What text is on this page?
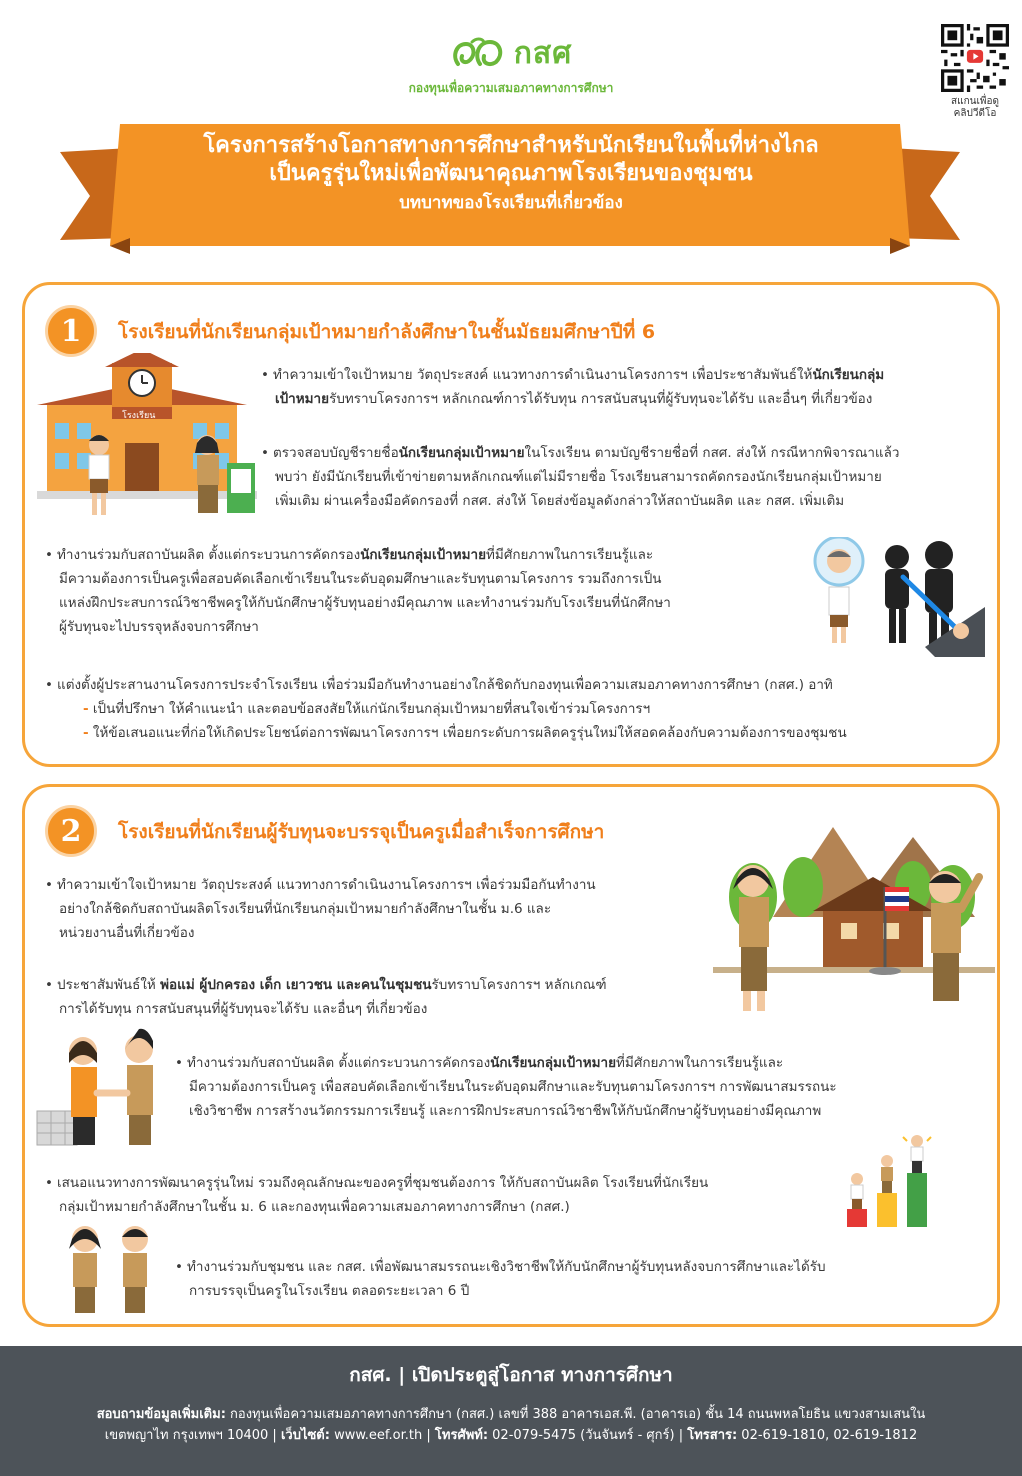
กสศ
กองทุนเพื่อความเสมอภาคทางการศึกษา
สแกนเพื่อดู
คลิปวีดีโอ
โครงการสร้างโอกาสทางการศึกษาสำหรับนักเรียนในพื้นที่ห่างไกล
เป็นครูรุ่นใหม่เพื่อพัฒนาคุณภาพโรงเรียนของชุมชน
บทบาทของโรงเรียนที่เกี่ยวข้อง
1	โรงเรียนที่นักเรียนกลุ่มเป้าหมายกำลังศึกษาในชั้นมัธยมศึกษาปีที่ 6
โรงเรียน
• ทำความเข้าใจเป้าหมาย วัตถุประสงค์ แนวทางการดำเนินงานโครงการฯ เพื่อประชาสัมพันธ์ให้นักเรียนกลุ่ม
เป้าหมายรับทราบโครงการฯ หลักเกณฑ์การได้รับทุน การสนับสนุนที่ผู้รับทุนจะได้รับ และอื่นๆ ที่เกี่ยวข้อง
• ตรวจสอบบัญชีรายชื่อนักเรียนกลุ่มเป้าหมายในโรงเรียน ตามบัญชีรายชื่อที่ กสศ. ส่งให้ กรณีหากพิจารณาแล้ว
พบว่า ยังมีนักเรียนที่เข้าข่ายตามหลักเกณฑ์แต่ไม่มีรายชื่อ โรงเรียนสามารถคัดกรองนักเรียนกลุ่มเป้าหมาย
เพิ่มเติม ผ่านเครื่องมือคัดกรองที่ กสศ. ส่งให้ โดยส่งข้อมูลดังกล่าวให้สถาบันผลิต และ กสศ. เพิ่มเติม
• ทำงานร่วมกับสถาบันผลิต ตั้งแต่กระบวนการคัดกรองนักเรียนกลุ่มเป้าหมายที่มีศักยภาพในการเรียนรู้และ
มีความต้องการเป็นครูเพื่อสอบคัดเลือกเข้าเรียนในระดับอุดมศึกษาและรับทุนตามโครงการ รวมถึงการเป็น
แหล่งฝึกประสบการณ์วิชาชีพครูให้กับนักศึกษาผู้รับทุนอย่างมีคุณภาพ และทำงานร่วมกับโรงเรียนที่นักศึกษา
ผู้รับทุนจะไปบรรจุหลังจบการศึกษา
• แต่งตั้งผู้ประสานงานโครงการประจำโรงเรียน เพื่อร่วมมือกันทำงานอย่างใกล้ชิดกับกองทุนเพื่อความเสมอภาคทางการศึกษา (กสศ.) อาทิ
- เป็นที่ปรึกษา ให้คำแนะนำ และตอบข้อสงสัยให้แก่นักเรียนกลุ่มเป้าหมายที่สนใจเข้าร่วมโครงการฯ
- ให้ข้อเสนอแนะที่ก่อให้เกิดประโยชน์ต่อการพัฒนาโครงการฯ เพื่อยกระดับการผลิตครูรุ่นใหม่ให้สอดคล้องกับความต้องการของชุมชน
2	โรงเรียนที่นักเรียนผู้รับทุนจะบรรจุเป็นครูเมื่อสำเร็จการศึกษา
• ทำความเข้าใจเป้าหมาย วัตถุประสงค์ แนวทางการดำเนินงานโครงการฯ เพื่อร่วมมือกันทำงาน
อย่างใกล้ชิดกับสถาบันผลิตโรงเรียนที่นักเรียนกลุ่มเป้าหมายกำลังศึกษาในชั้น ม.6 และ
หน่วยงานอื่นที่เกี่ยวข้อง
• ประชาสัมพันธ์ให้ พ่อแม่ ผู้ปกครอง เด็ก เยาวชน และคนในชุมชนรับทราบโครงการฯ หลักเกณฑ์
การได้รับทุน การสนับสนุนที่ผู้รับทุนจะได้รับ และอื่นๆ ที่เกี่ยวข้อง
• ทำงานร่วมกับสถาบันผลิต ตั้งแต่กระบวนการคัดกรองนักเรียนกลุ่มเป้าหมายที่มีศักยภาพในการเรียนรู้และ
มีความต้องการเป็นครู เพื่อสอบคัดเลือกเข้าเรียนในระดับอุดมศึกษาและรับทุนตามโครงการฯ การพัฒนาสมรรถนะ
เชิงวิชาชีพ การสร้างนวัตกรรมการเรียนรู้ และการฝึกประสบการณ์วิชาชีพให้กับนักศึกษาผู้รับทุนอย่างมีคุณภาพ
• เสนอแนวทางการพัฒนาครูรุ่นใหม่ รวมถึงคุณลักษณะของครูที่ชุมชนต้องการ ให้กับสถาบันผลิต โรงเรียนที่นักเรียน
กลุ่มเป้าหมายกำลังศึกษาในชั้น ม. 6 และกองทุนเพื่อความเสมอภาคทางการศึกษา (กสศ.)
• ทำงานร่วมกับชุมชน และ กสศ. เพื่อพัฒนาสมรรถนะเชิงวิชาชีพให้กับนักศึกษาผู้รับทุนหลังจบการศึกษาและได้รับ
การบรรจุเป็นครูในโรงเรียน ตลอดระยะเวลา 6 ปี
กสศ. | เปิดประตูสู่โอกาส ทางการศึกษา
สอบถามข้อมูลเพิ่มเติม: กองทุนเพื่อความเสมอภาคทางการศึกษา (กสศ.) เลขที่ 388 อาคารเอส.พี. (อาคารเอ) ชั้น 14 ถนนพหลโยธิน แขวงสามเสนใน
เขตพญาไท กรุงเทพฯ 10400 | เว็บไซต์: www.eef.or.th | โทรศัพท์: 02-079-5475 (วันจันทร์ - ศุกร์) | โทรสาร: 02-619-1810, 02-619-1812
